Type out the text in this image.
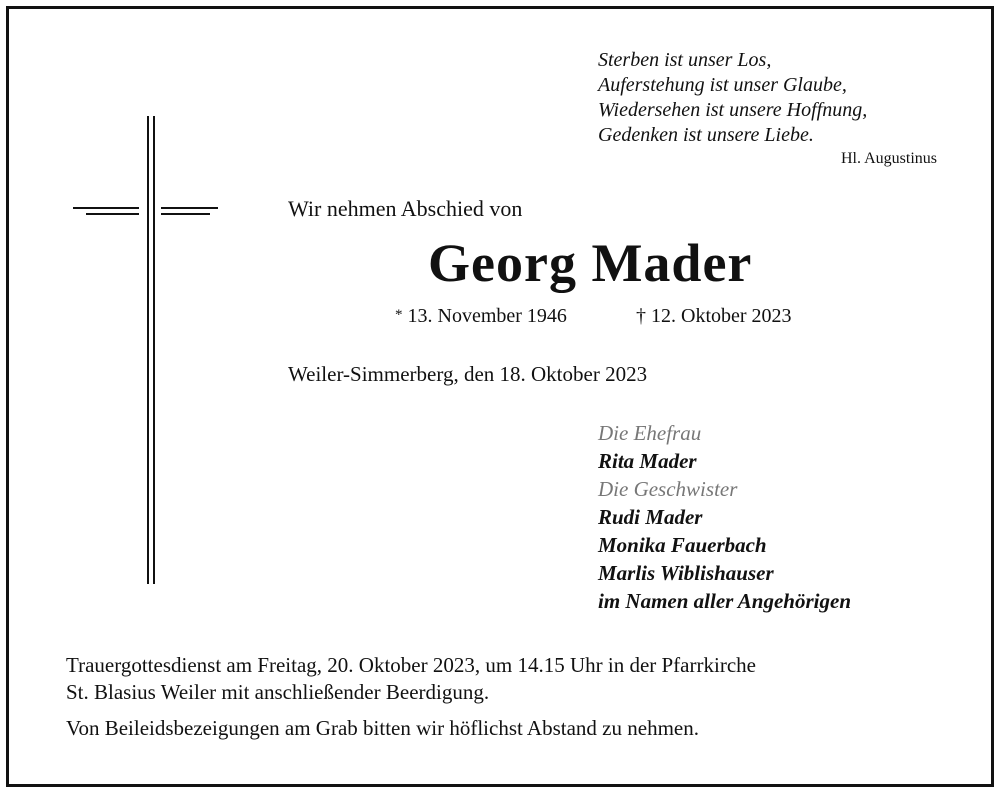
Sterben ist unser Los,
Auferstehung ist unser Glaube,
Wiedersehen ist unsere Hoffnung,
Gedenken ist unsere Liebe.
Hl. Augustinus
Wir nehmen Abschied von
Georg Mader
* 13. November 1946	† 12. Oktober 2023
Weiler-Simmerberg, den 18. Oktober 2023
Die Ehefrau
Rita Mader
Die Geschwister
Rudi Mader
Monika Fauerbach
Marlis Wiblishauser
im Namen aller Angehörigen
Trauergottesdienst am Freitag, 20. Oktober 2023, um 14.15 Uhr in der Pfarrkirche
St. Blasius Weiler mit anschließender Beerdigung.
Von Beileidsbezeigungen am Grab bitten wir höflichst Abstand zu nehmen.
